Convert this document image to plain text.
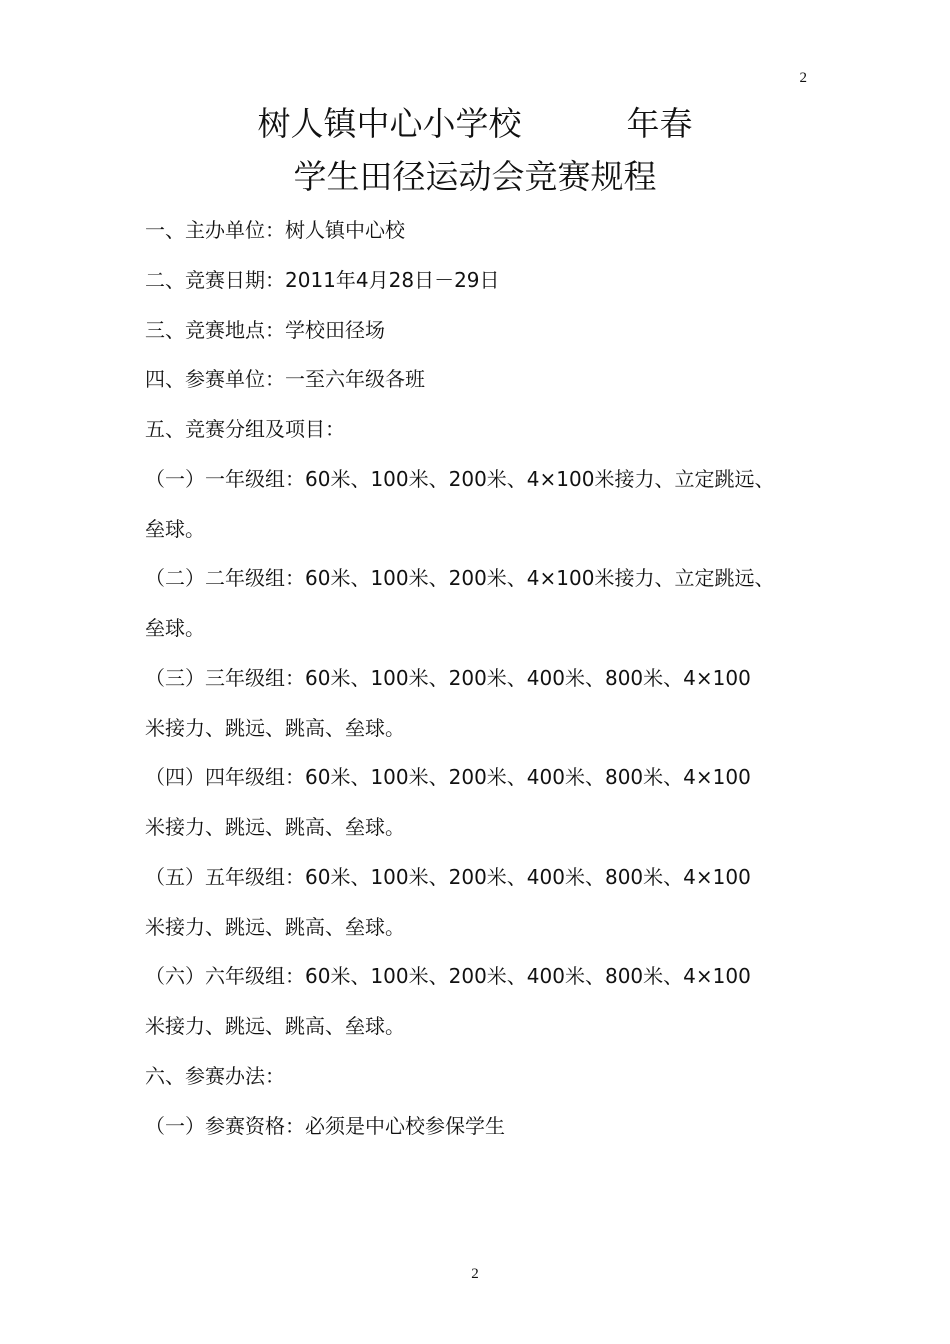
2
树人镇中心小学校          年春
学生田径运动会竞赛规程
一、主办单位：树人镇中心校
二、竞赛日期：2011年4月28日－29日
三、竞赛地点：学校田径场
四、参赛单位：一至六年级各班
五、竞赛分组及项目：
（一）一年级组：60米、100米、200米、4×100米接力、立定跳远、
垒球。
（二）二年级组：60米、100米、200米、4×100米接力、立定跳远、
垒球。
（三）三年级组：60米、100米、200米、400米、800米、4×100
米接力、跳远、跳高、垒球。
（四）四年级组：60米、100米、200米、400米、800米、4×100
米接力、跳远、跳高、垒球。
（五）五年级组：60米、100米、200米、400米、800米、4×100
米接力、跳远、跳高、垒球。
（六）六年级组：60米、100米、200米、400米、800米、4×100
米接力、跳远、跳高、垒球。
六、参赛办法：
（一）参赛资格：必须是中心校参保学生
2
